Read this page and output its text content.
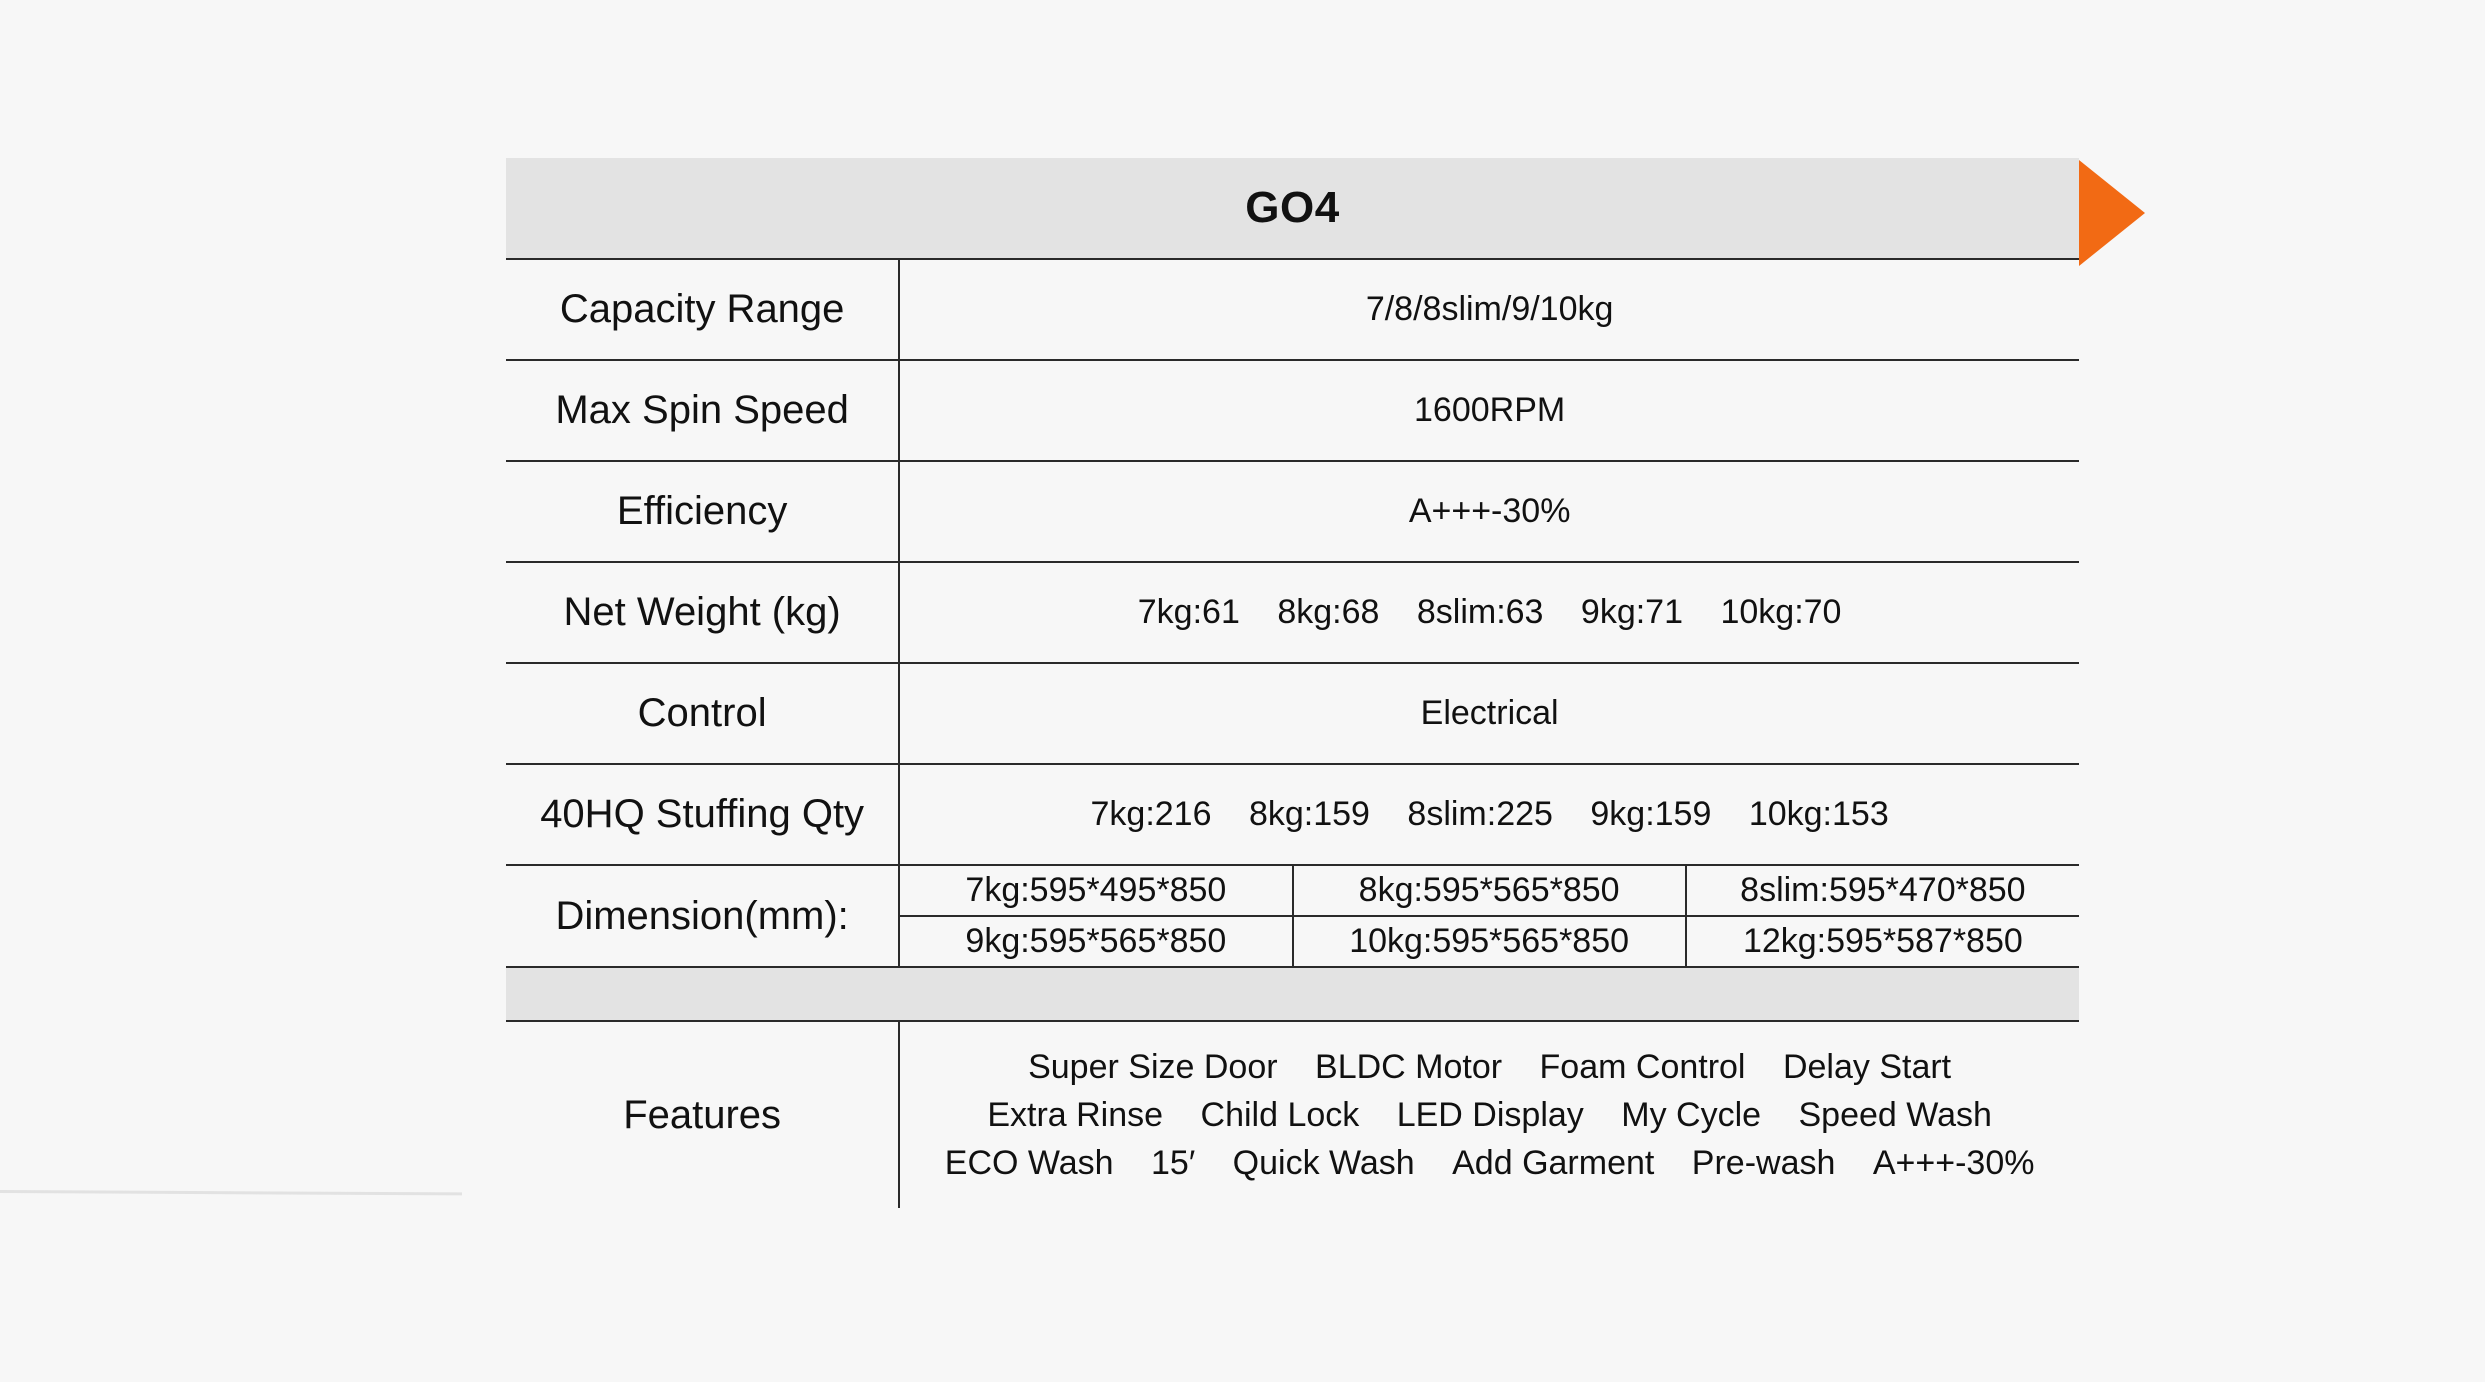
GO4			
Capacity Range	7/8/8slim/9/10kg		
Max Spin Speed	1600RPM		
Efficiency	A+++-30%		
Net Weight (kg)	7kg:61 8kg:68 8slim:63 9kg:71 10kg:70		
Control	Electrical		
40HQ Stuffing Qty	7kg:216 8kg:159 8slim:225 9kg:159 10kg:153		
Dimension(mm):	7kg:595*495*850	8kg:595*565*850	8slim:595*470*850
	9kg:595*565*850	10kg:595*565*850	12kg:595*587*850

Features	Super Size Door BLDC Motor Foam Control Delay Start
Extra Rinse Child Lock LED Display My Cycle Speed Wash
ECO Wash 15′ Quick Wash Add Garment Pre-wash A+++-30%		
